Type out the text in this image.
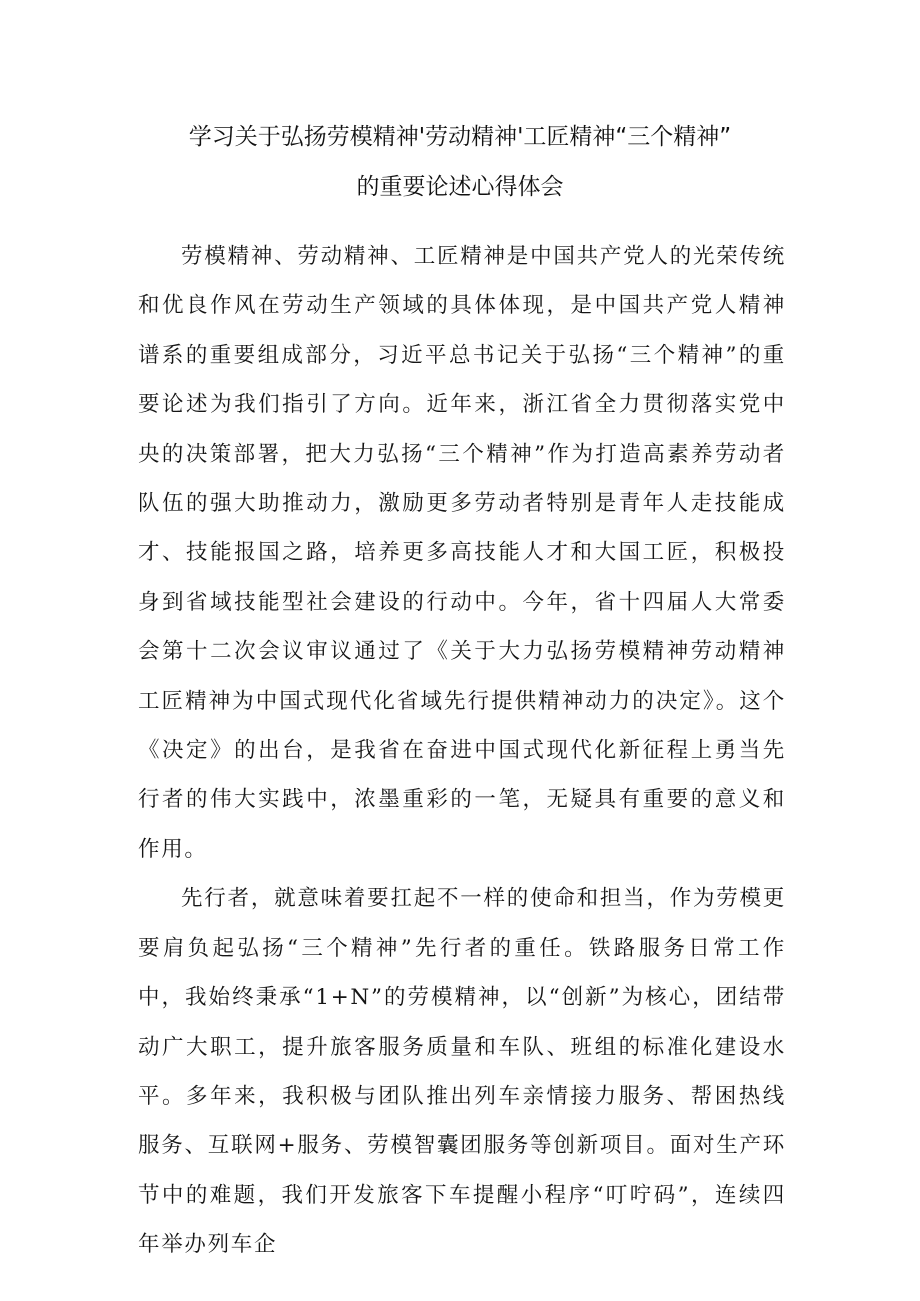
学习关于弘扬劳模精神'劳动精神'工匠精神“三个精神”
的重要论述心得体会

劳模精神、劳动精神、工匠精神是中国共产党人的光荣传统和优良作风在劳动生产领域的具体体现，是中国共产党人精神谱系的重要组成部分，习近平总书记关于弘扬“三个精神”的重要论述为我们指引了方向。近年来，浙江省全力贯彻落实党中央的决策部署，把大力弘扬“三个精神”作为打造高素养劳动者队伍的强大助推动力，激励更多劳动者特别是青年人走技能成才、技能报国之路，培养更多高技能人才和大国工匠，积极投身到省域技能型社会建设的行动中。今年，省十四届人大常委会第十二次会议审议通过了《关于大力弘扬劳模精神劳动精神工匠精神为中国式现代化省域先行提供精神动力的决定》。这个《决定》的出台，是我省在奋进中国式现代化新征程上勇当先行者的伟大实践中，浓墨重彩的一笔，无疑具有重要的意义和作用。

先行者，就意味着要扛起不一样的使命和担当，作为劳模更要肩负起弘扬“三个精神”先行者的重任。铁路服务日常工作中，我始终秉承“1+N”的劳模精神，以“创新”为核心，团结带动广大职工，提升旅客服务质量和车队、班组的标准化建设水平。多年来，我积极与团队推出列车亲情接力服务、帮困热线服务、互联网+服务、劳模智囊团服务等创新项目。面对生产环节中的难题，我们开发旅客下车提醒小程序“叮咛码”，连续四年举办列车企
